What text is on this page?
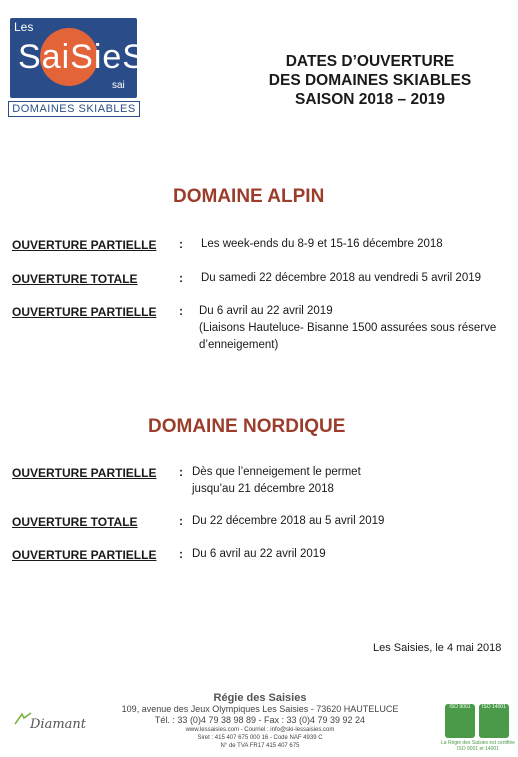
Les
SaiSieS
sai
DOMAINES SKIABLES
DATES D’OUVERTURE
DES DOMAINES SKIABLES
SAISON 2018 – 2019
DOMAINE ALPIN
OUVERTURE PARTIELLE : Les week-ends du 8-9 et 15-16 décembre 2018
OUVERTURE TOTALE	: Du samedi 22 décembre 2018 au vendredi 5 avril 2019
OUVERTURE PARTIELLE : Du 6 avril au 22 avril 2019
(Liaisons Hauteluce- Bisanne 1500 assurées sous réserve
d’enneigement)
DOMAINE NORDIQUE
OUVERTURE PARTIELLE : Dès que l’enneigement le permet
jusqu’au 21 décembre 2018
OUVERTURE TOTALE	: Du 22 décembre 2018 au 5 avril 2019
OUVERTURE PARTIELLE : Du 6 avril au 22 avril 2019
Les Saisies, le 4 mai 2018
Diamant
Régie des Saisies
109, avenue des Jeux Olympiques Les Saisies - 73620 HAUTELUCE
Tél. : 33 (0)4 79 38 98 89 - Fax : 33 (0)4 79 39 92 24
www.lessaisies.com - Courriel : info@ski-lessaisies.com
Siret : 415 407 675 000 16 - Code NAF 4939 C
N° de TVA FR17 415 407 675
ISO 9001	ISO 14001
La Régie des Saisies est certifiée ISO 9001 et 14001
